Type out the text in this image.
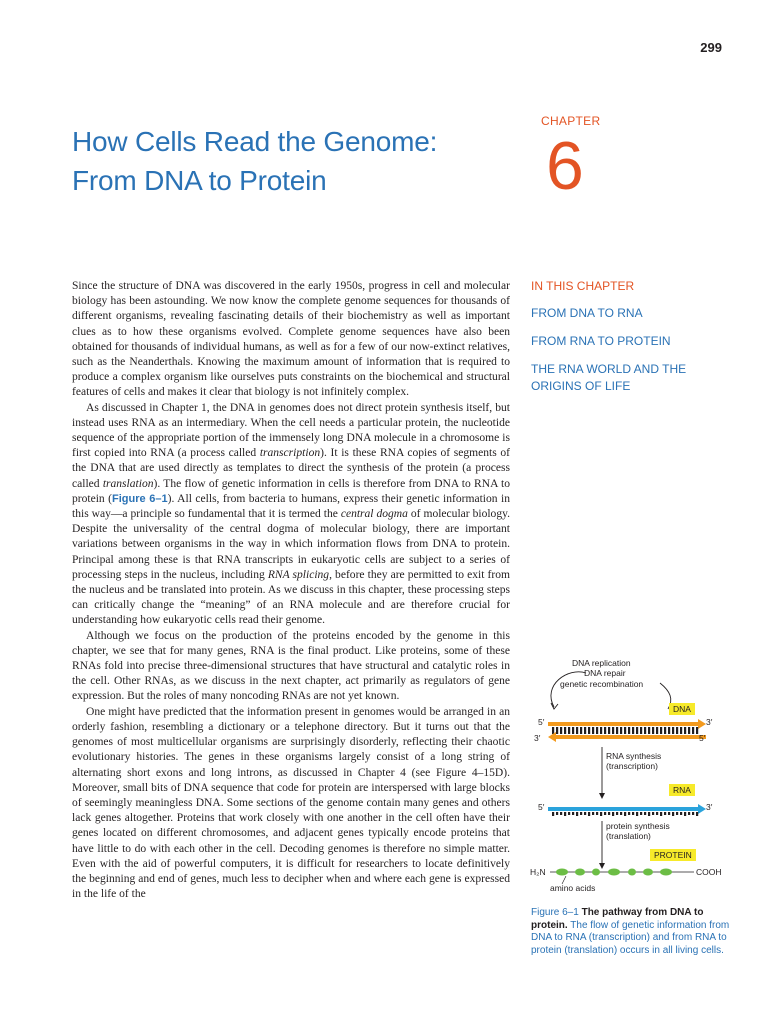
299
How Cells Read the Genome:
From DNA to Protein
CHAPTER
6

Since the structure of DNA was discovered in the early 1950s, progress in cell and molecular biology has been astounding. We now know the complete genome sequences for thousands of different organisms, revealing fascinating details of their biochemistry as well as important clues as to how these organisms evolved. Complete genome sequences have also been obtained for thousands of individual humans, as well as for a few of our now-extinct relatives, such as the Neanderthals. Knowing the maximum amount of information that is required to produce a complex organism like ourselves puts constraints on the biochemical and structural features of cells and makes it clear that biology is not infinitely complex.

As discussed in Chapter 1, the DNA in genomes does not direct protein synthesis itself, but instead uses RNA as an intermediary. When the cell needs a particular protein, the nucleotide sequence of the appropriate portion of the immensely long DNA molecule in a chromosome is first copied into RNA (a process called transcription). It is these RNA copies of segments of the DNA that are used directly as templates to direct the synthesis of the protein (a process called translation). The flow of genetic information in cells is therefore from DNA to RNA to protein (Figure 6–1). All cells, from bacteria to humans, express their genetic information in this way—a principle so fundamental that it is termed the central dogma of molecular biology. Despite the universality of the central dogma of molecular biology, there are important variations between organisms in the way in which information flows from DNA to protein. Principal among these is that RNA transcripts in eukaryotic cells are subject to a series of processing steps in the nucleus, including RNA splicing, before they are permitted to exit from the nucleus and be translated into protein. As we discuss in this chapter, these processing steps can critically change the “meaning” of an RNA molecule and are therefore crucial for understanding how eukaryotic cells read their genome.

Although we focus on the production of the proteins encoded by the genome in this chapter, we see that for many genes, RNA is the final product. Like proteins, some of these RNAs fold into precise three-dimensional structures that have structural and catalytic roles in the cell. Other RNAs, as we discuss in the next chapter, act primarily as regulators of gene expression. But the roles of many noncoding RNAs are not yet known.

One might have predicted that the information present in genomes would be arranged in an orderly fashion, resembling a dictionary or a telephone directory. But it turns out that the genomes of most multicellular organisms are surprisingly disorderly, reflecting their chaotic evolutionary histories. The genes in these organisms largely consist of a long string of alternating short exons and long introns, as discussed in Chapter 4 (see Figure 4–15D). Moreover, small bits of DNA sequence that code for protein are interspersed with large blocks of seemingly meaningless DNA. Some sections of the genome contain many genes and others lack genes altogether. Proteins that work closely with one another in the cell often have their genes located on different chromosomes, and adjacent genes typically encode proteins that have little to do with each other in the cell. Decoding genomes is therefore no simple matter. Even with the aid of powerful computers, it is difficult for researchers to locate definitively the beginning and end of genes, much less to decipher when and where each gene is expressed in the life of the

IN THIS CHAPTER
FROM DNA TO RNA
FROM RNA TO PROTEIN
THE RNA WORLD AND THE ORIGINS OF LIFE
DNA replication
DNA repair
genetic recombination
DNA
5′	3′
3′	5′
RNA synthesis
(transcription)
RNA
5′	3′
protein synthesis
(translation)
PROTEIN
H₂N	COOH
amino acids
Figure 6–1 The pathway from DNA to protein. The flow of genetic information from DNA to RNA (transcription) and from RNA to protein (translation) occurs in all living cells.
